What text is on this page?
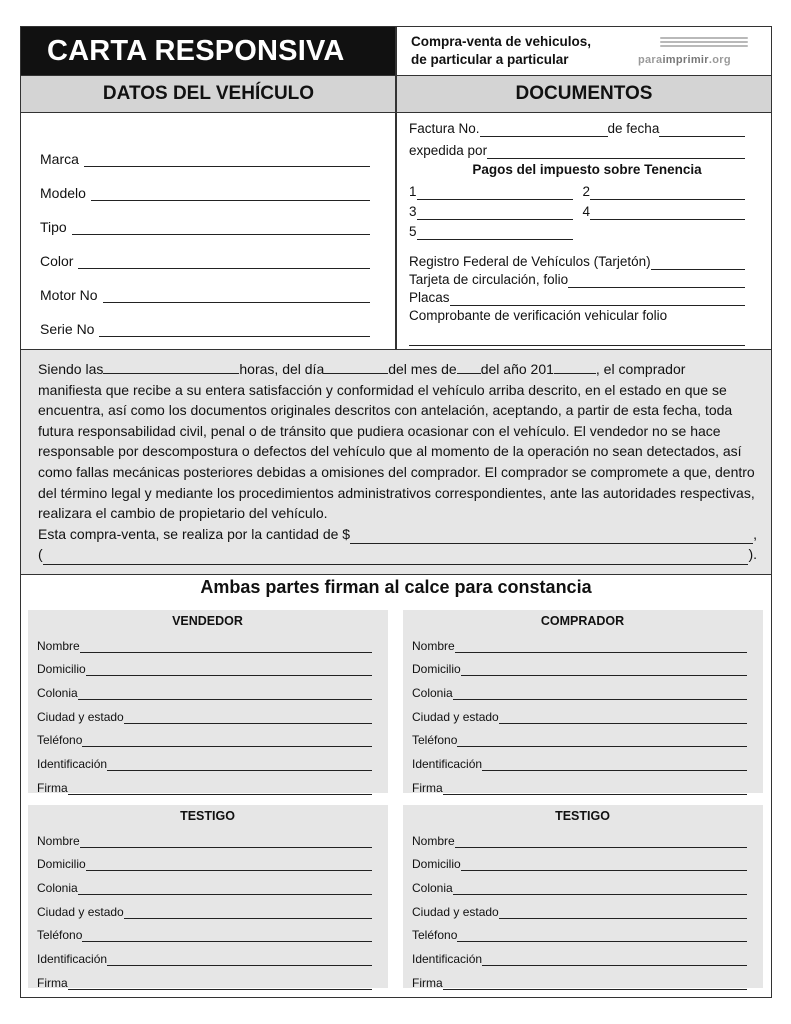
CARTA RESPONSIVA	Compra-venta de vehiculos,
de particular a particular	paraimprimir.org
DATOS DEL VEHÍCULO	DOCUMENTOS
Marca
Modelo
Tipo
Color
Motor No
Serie No
Factura No.	de fecha
expedida por
Pagos del impuesto sobre Tenencia
1	2
3	4
5
Registro Federal de Vehículos (Tarjetón)
Tarjeta de circulación, folio
Placas
Comprobante de verificación vehicular folio

Siendo las	horas, del día	del mes de del año 201	, el comprador

manifiesta que recibe a su entera satisfacción y conformidad el vehículo arriba descrito, en el estado en que se encuentra, así como los documentos originales descritos con antelación, aceptando, a partir de esta fecha, toda futura responsabilidad civil, penal o de tránsito que pudiera ocasionar con el vehículo. El vendedor no se hace responsable por descompostura o defectos del vehículo que al momento de la operación no sean detectados, así como fallas mecánicas posteriores debidas a omisiones del comprador. El comprador se compromete a que, dentro del término legal y mediante los procedimientos administrativos correspondientes, ante las autoridades respectivas, realizara el cambio de propietario del vehículo.

Esta compra-venta, se realiza por la cantidad de $	,

(	).

Ambas partes firman al calce para constancia
VENDEDOR
Nombre
Domicilio
Colonia
Ciudad y estado
Teléfono
Identificación
Firma
COMPRADOR
Nombre
Domicilio
Colonia
Ciudad y estado
Teléfono
Identificación
Firma
TESTIGO
Nombre
Domicilio
Colonia
Ciudad y estado
Teléfono
Identificación
Firma
TESTIGO
Nombre
Domicilio
Colonia
Ciudad y estado
Teléfono
Identificación
Firma
